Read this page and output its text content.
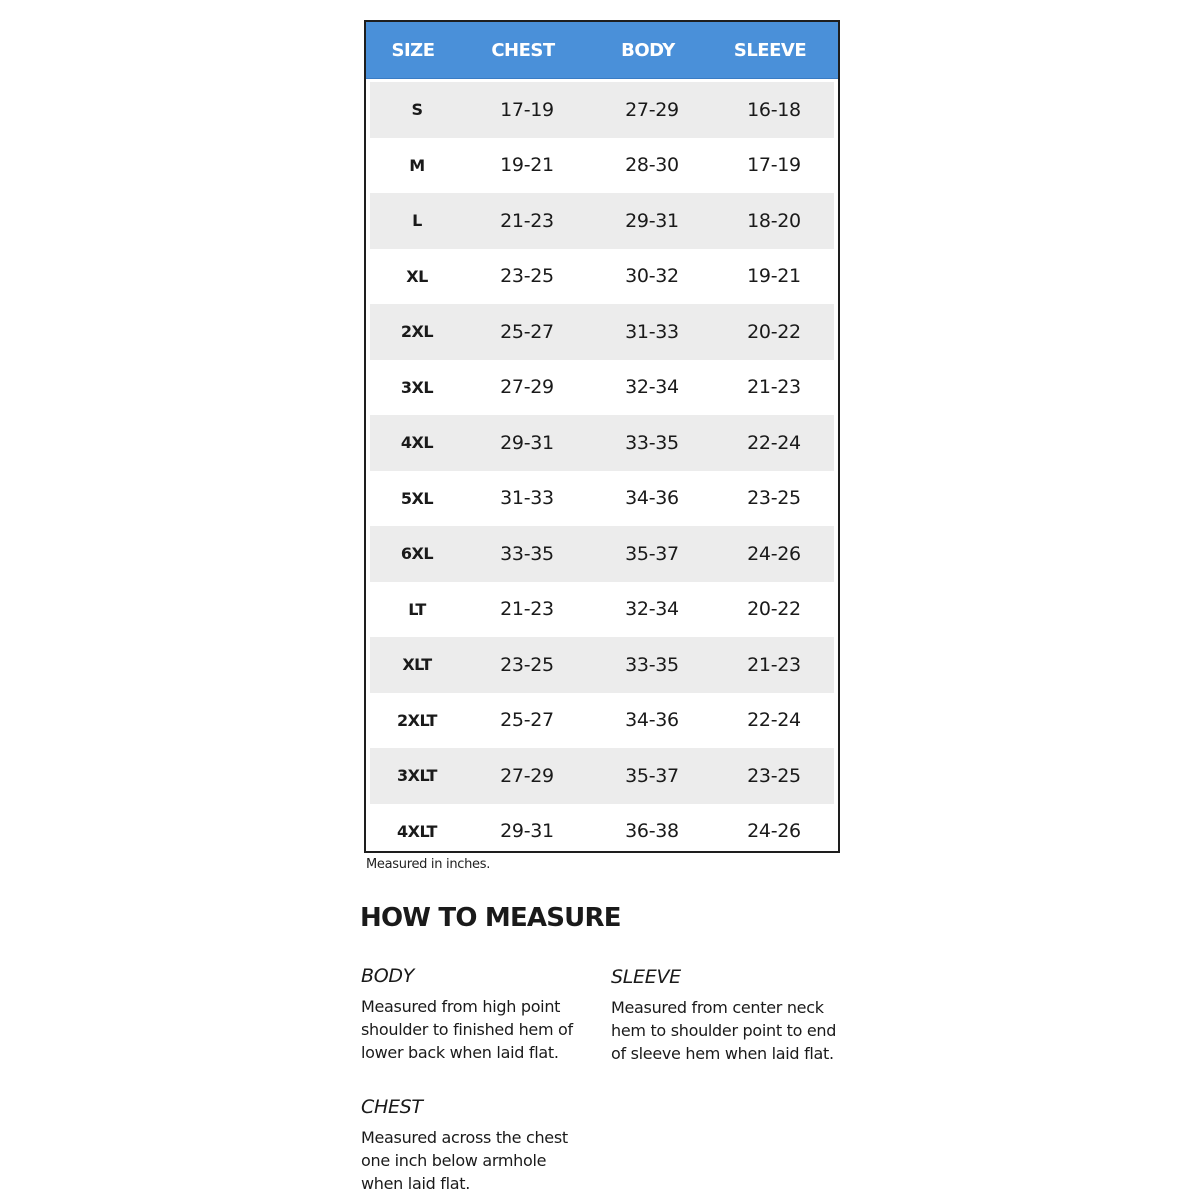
SIZE	CHEST	BODY	SLEEVE
S	17-19	27-29	16-18
M	19-21	28-30	17-19
L	21-23	29-31	18-20
XL	23-25	30-32	19-21
2XL	25-27	31-33	20-22
3XL	27-29	32-34	21-23
4XL	29-31	33-35	22-24
5XL	31-33	34-36	23-25
6XL	33-35	35-37	24-26
LT	21-23	32-34	20-22
XLT	23-25	33-35	21-23
2XLT	25-27	34-36	22-24
3XLT	27-29	35-37	23-25
4XLT	29-31	36-38	24-26
Measured in inches.
HOW TO MEASURE
BODY
Measured from high point
shoulder to finished hem of
lower back when laid flat.
SLEEVE
Measured from center neck
hem to shoulder point to end
of sleeve hem when laid flat.
CHEST
Measured across the chest
one inch below armhole
when laid flat.
